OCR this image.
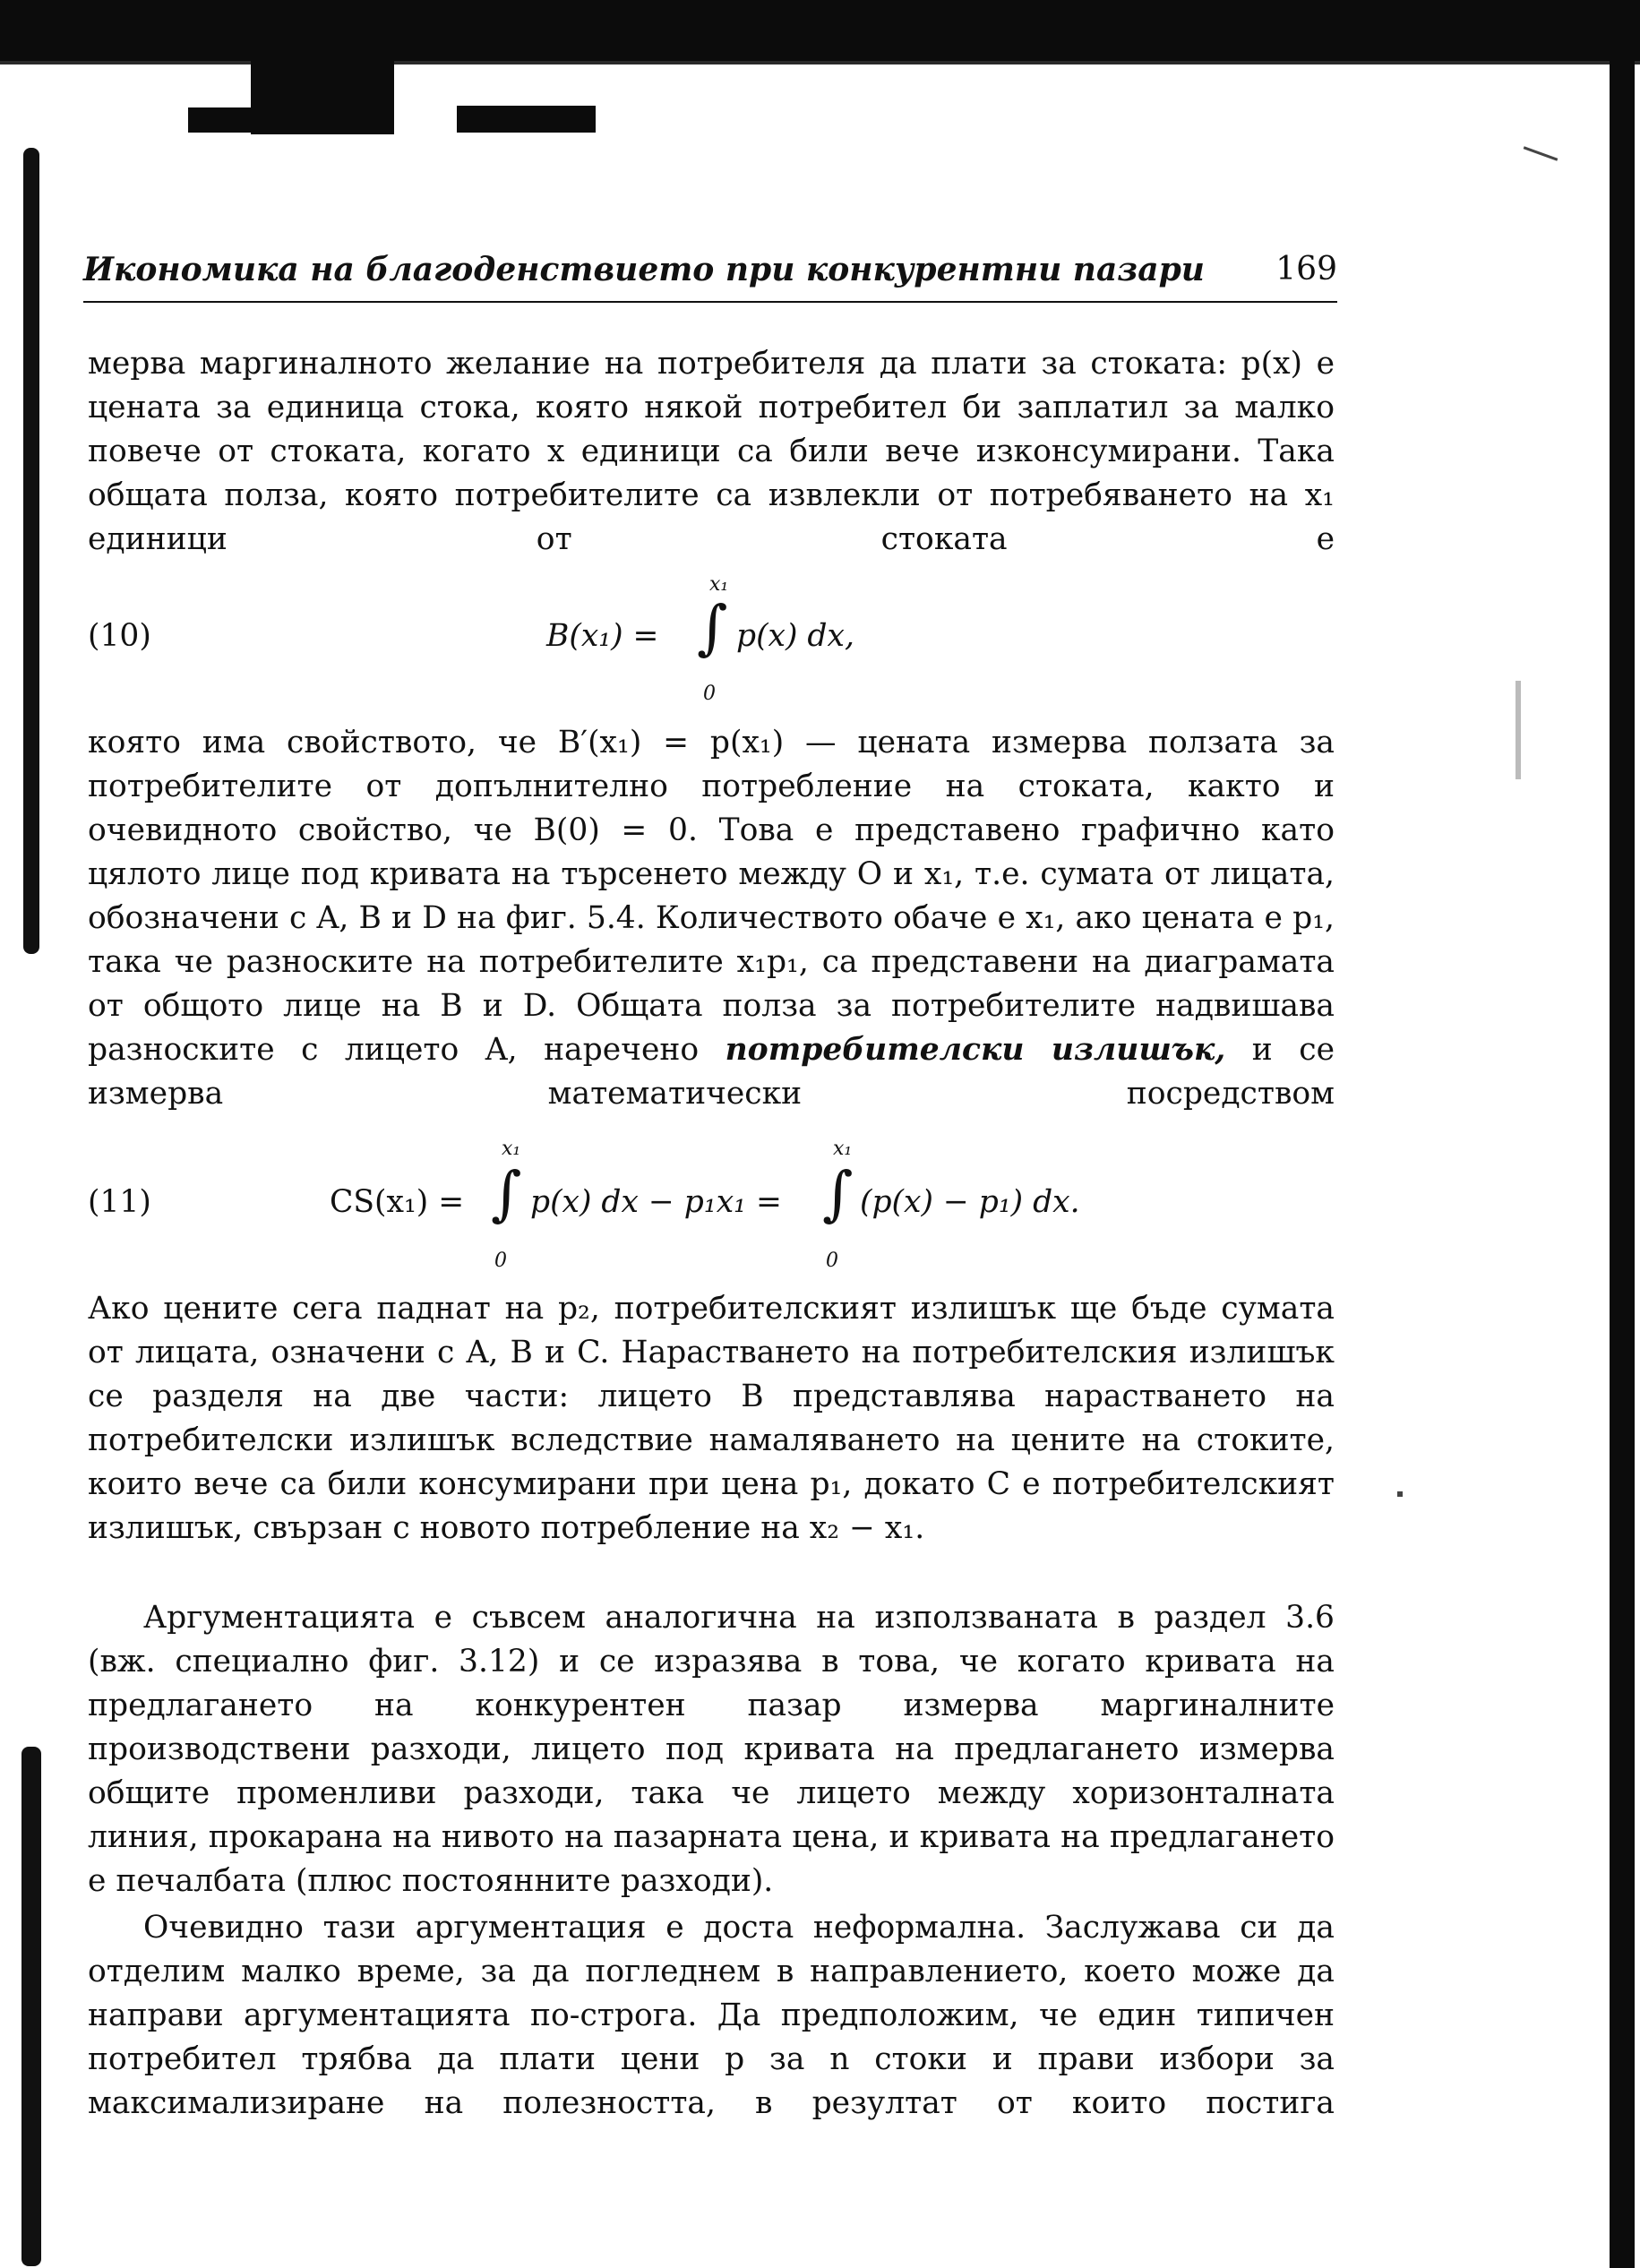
Икономика на благоденствието при конкурентни пазари 169
мерва маргиналното желание на потребителя да плати за стоката: p(x) е цената за единица стока, която някой потребител би заплатил за малко повече от стоката, когато x единици са били вече изконсумирани. Така общата полза, която потребителите са извлекли от потребяването на x₁ единици от стоката е
(10)	B(x₁) =
x₁
∫
0
p(x) dx,
която има свойството, че B′(x₁) = p(x₁) — цената измерва ползата за потребителите от допълнително потребление на стоката, както и очевидното свойство, че B(0) = 0. Това е представено графично като цялото лице под кривата на търсенето между O и x₁, т.е. сумата от лицата, обозначени с A, B и D на фиг. 5.4. Количеството обаче е x₁, ако цената е p₁, така че разноските на потребителите x₁p₁, са представени на диаграмата от общото лице на B и D. Общата полза за потребителите надвишава разноските с лицето A, наречено потребителски излишък, и се измерва математически посредством
(11)	CS(x₁) =
x₁
∫
0
p(x) dx − p₁x₁ =
x₁
∫
0
(p(x) − p₁) dx.
Ако цените сега паднат на p₂, потребителският излишък ще бъде сумата от лицата, означени с A, B и C. Нарастването на потребителския излишък се разделя на две части: лицето B представлява нарастването на потребителски излишък вследствие намаляването на цените на стоките, които вече са били консумирани при цена p₁, докато C е потребителският излишък, свързан с новото потребление на x₂ − x₁.
Аргументацията е съвсем аналогична на използваната в раздел 3.6 (вж. специално фиг. 3.12) и се изразява в това, че когато кривата на предлагането на конкурентен пазар измерва маргиналните производствени разходи, лицето под кривата на предлагането измерва общите променливи разходи, така че лицето между хоризонталната линия, прокарана на нивото на пазарната цена, и кривата на предлагането е печалбата (плюс постоянните разходи).
Очевидно тази аргументация е доста неформална. Заслужава си да отделим малко време, за да погледнем в направлението, което може да направи аргументацията по-строга. Да предположим, че един типичен потребител трябва да плати цени p за n стоки и прави избори за максимализиране на полезността, в резултат от които постига
